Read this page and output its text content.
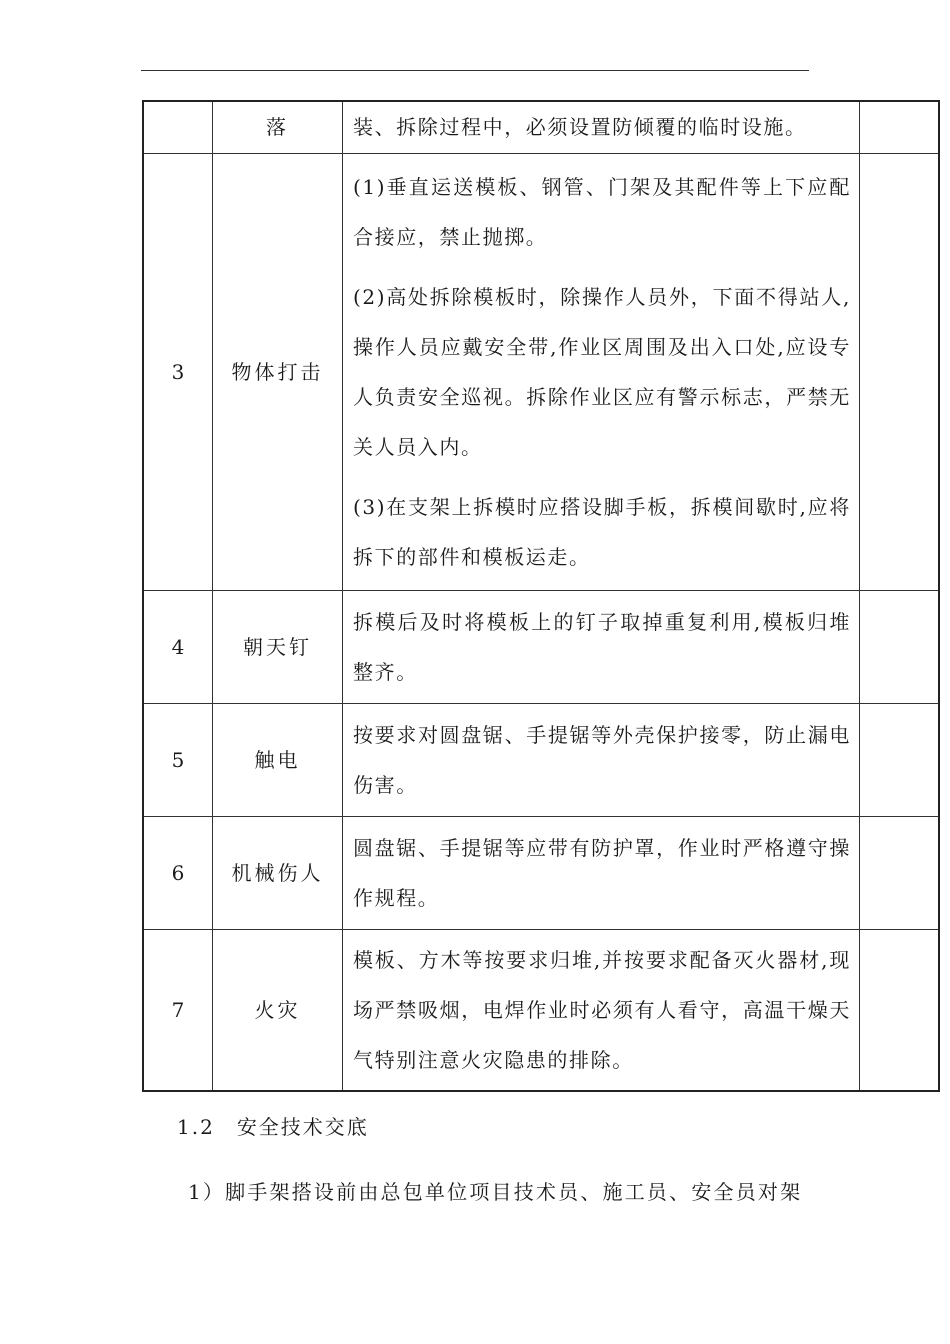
	落	装、拆除过程中，必须设置防倾覆的临时设施。	

3	物体打击	(1)垂直运送模板、钢管、门架及其配件等上下应配合接应，禁止抛掷。

(2)高处拆除模板时，除操作人员外，下面不得站人,操作人员应戴安全带,作业区周围及出入口处,应设专人负责安全巡视。拆除作业区应有警示标志，严禁无关人员入内。

(3)在支架上拆模时应搭设脚手板，拆模间歇时,应将拆下的部件和模板运走。	

4	朝天钉	拆模后及时将模板上的钉子取掉重复利用,模板归堆整齐。	

5	触电	按要求对圆盘锯、手提锯等外壳保护接零，防止漏电伤害。	

6	机械伤人	圆盘锯、手提锯等应带有防护罩，作业时严格遵守操作规程。	

7	火灾	模板、方木等按要求归堆,并按要求配备灭火器材,现场严禁吸烟，电焊作业时必须有人看守，高温干燥天气特别注意火灾隐患的排除。	

1.2 安全技术交底
1）脚手架搭设前由总包单位项目技术员、施工员、安全员对架
